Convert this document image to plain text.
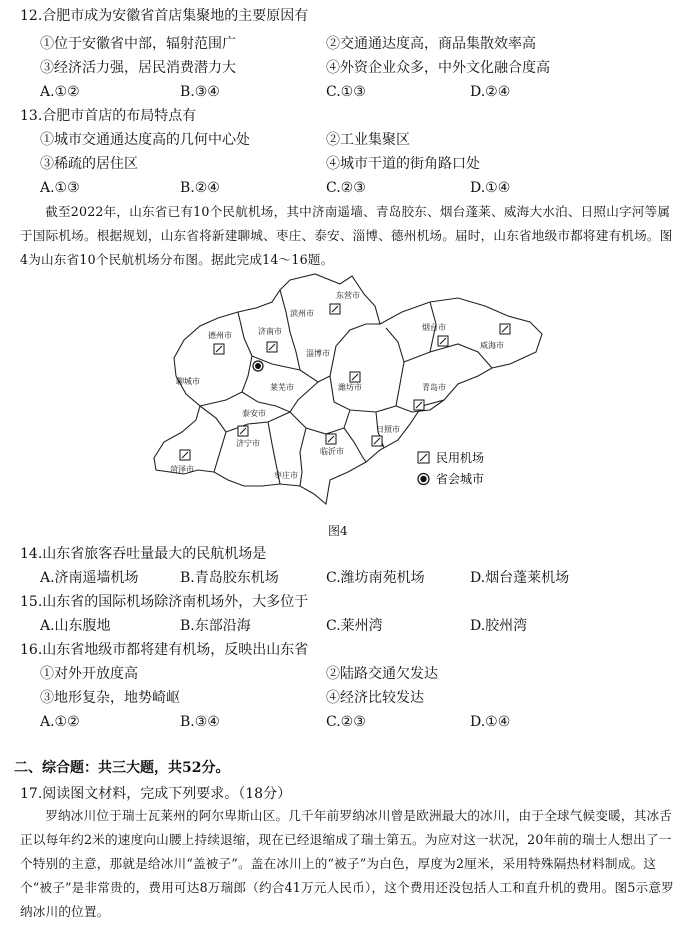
12.合肥市成为安徽省首店集聚地的主要原因有
①位于安徽省中部，辐射范围广	②交通通达度高，商品集散效率高
③经济活力强，居民消费潜力大	④外资企业众多，中外文化融合度高
A.①②	B.③④	C.①③	D.②④
13.合肥市首店的布局特点有
①城市交通通达度高的几何中心处	②工业集聚区
③稀疏的居住区	④城市干道的街角路口处
A.①③	B.②④	C.②③	D.①④

截至2022年，山东省已有10个民航机场，其中济南遥墙、青岛胶东、烟台蓬莱、威海大水泊、日照山字河等属于国际机场。根据规划，山东省将新建聊城、枣庄、泰安、淄博、德州机场。届时，山东省地级市都将建有机场。图4为山东省10个民航机场分布图。据此完成14～16题。

东营市
滨州市
德州市	济南市
淄博市
烟台市
威海市
聊城市
莱芜市	潍坊市	青岛市
泰安市
济宁市
日照市
临沂市
菏泽市
枣庄市
民用机场
省会城市
图4
14.山东省旅客吞吐量最大的民航机场是
A.济南遥墙机场	B.青岛胶东机场	C.潍坊南苑机场	D.烟台蓬莱机场
15.山东省的国际机场除济南机场外，大多位于
A.山东腹地	B.东部沿海	C.莱州湾	D.胶州湾
16.山东省地级市都将建有机场，反映出山东省
①对外开放度高	②陆路交通欠发达
③地形复杂，地势崎岖	④经济比较发达
A.①②	B.③④	C.②③	D.①④
二、综合题：共三大题，共52分。
17.阅读图文材料，完成下列要求。（18分）

罗纳冰川位于瑞士瓦莱州的阿尔卑斯山区。几千年前罗纳冰川曾是欧洲最大的冰川，由于全球气候变暖，其冰舌正以每年约2米的速度向山腰上持续退缩，现在已经退缩成了瑞士第五。为应对这一状况，20年前的瑞士人想出了一个特别的主意，那就是给冰川“盖被子”。盖在冰川上的“被子”为白色，厚度为2厘米，采用特殊隔热材料制成。这个“被子”是非常贵的，费用可达8万瑞郎（约合41万元人民币），这个费用还没包括人工和直升机的费用。图5示意罗纳冰川的位置。
